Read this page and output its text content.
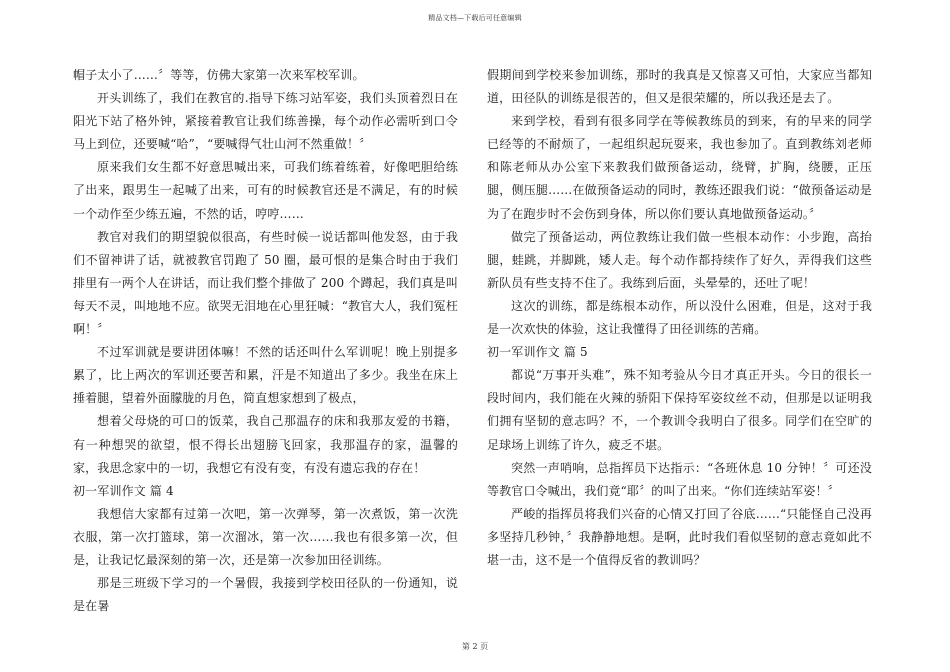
精品文档—下载后可任意编辑

帽子太小了……〞等等，仿佛大家第一次来军校军训。

开头训练了，我们在教官的.指导下练习站军姿，我们头顶着烈日在阳光下站了格外钟，紧接着教官让我们练善操，每个动作必需听到口令马上到位，还要喊“哈”，“要喊得气壮山河不然重做！〞

原来我们女生都不好意思喊出来，可我们练着练着，好像吧胆给练了出来，跟男生一起喊了出来，可有的时候教官还是不满足，有的时候一个动作至少练五遍，不然的话，哼哼……

教官对我们的期望貌似很高，有些时候一说话都叫他发怒，由于我们不留神讲了话，就被教官罚跑了 50 圈，最可恨的是集合时由于我们排里有一两个人在讲话，而让我们整个排做了 200 个蹲起，我们真是叫每天不灵，叫地地不应。欲哭无泪地在心里狂喊：“教官大人，我们冤枉啊！〞

不过军训就是要讲团体嘛！不然的话还叫什么军训呢！晚上别提多累了，比上两次的军训还要苦和累，汗是不知道出了多少。我坐在床上捶着腿，望着外面朦胧的月色，简直想家想到了极点，

想着父母烧的可口的饭菜，我自己那温存的床和我那友爱的书籍，有一种想哭的欲望，恨不得长出翅膀飞回家，我那温存的家，温馨的家，我思念家中的一切，我想它有没有变，有没有遗忘我的存在！

初一军训作文 篇 4

我想信大家都有过第一次吧，第一次弹琴，第一次煮饭，第一次洗衣服，第一次打篮球，第一次溜冰，第一次……我也有很多第一次，但是，让我记忆最深刻的第一次，还是第一次参加田径训练。

那是三班级下学习的一个暑假，我接到学校田径队的一份通知，说是在暑

假期间到学校来参加训练，那时的我真是又惊喜又可怕，大家应当都知道，田径队的训练是很苦的，但又是很荣耀的，所以我还是去了。

来到学校，看到有很多同学在等候教练员的到来，有的早来的同学已经等的不耐烦了，一起组织起玩耍来，我也参加了。直到教练刘老师和陈老师从办公室下来教我们做预备运动，绕臂，扩胸，绕腰，正压腿，侧压腿……在做预备运动的同时，教练还跟我们说：“做预备运动是为了在跑步时不会伤到身体，所以你们要认真地做预备运动。〞

做完了预备运动，两位教练让我们做一些根本动作：小步跑，高抬腿，蛙跳，并脚跳，矮人走。每个动作都持续作了好久，弄得我们这些新队员有些支持不住了。我练到后面，头晕晕的，还吐了呢！

这次的训练，都是练根本动作，所以没什么困难，但是，这对于我是一次欢快的体验，这让我懂得了田径训练的苦痛。

初一军训作文 篇 5

都说“万事开头难”，殊不知考验从今日才真正开头。今日的很长一段时间内，我们能在火辣的骄阳下保持军姿纹丝不动，但那是以证明我们拥有坚韧的意志吗？不，一个教训令我明白了很多。同学们在空旷的足球场上训练了许久，疲乏不堪。

突然一声哨响，总指挥员下达指示：“各班休息 10 分钟！〞可还没等教官口令喊出，我们竟“耶〞的叫了出来。“你们连续站军姿！〞

严峻的指挥员将我们兴奋的心情又打回了谷底……“只能怪自己没再多坚持几秒钟，〞我静静地想。是啊，此时我们看似坚韧的意志竟如此不堪一击，这不是一个值得反省的教训吗？

第 2 页
